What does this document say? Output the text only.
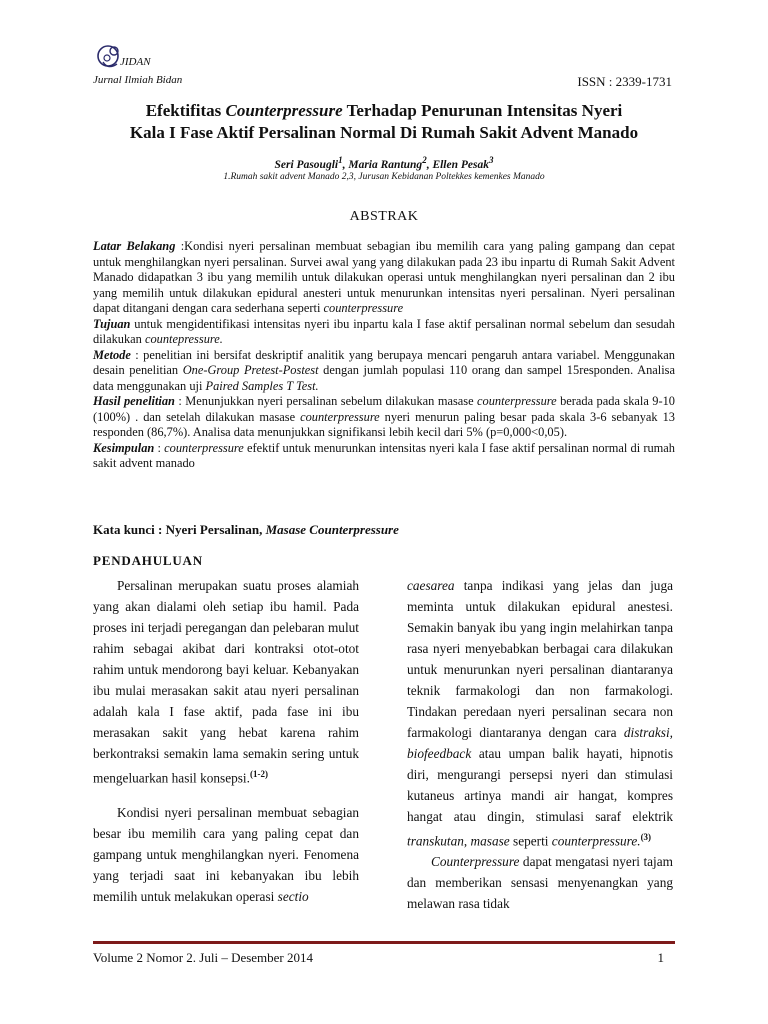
JIDAN
Jurnal Ilmiah Bidan	ISSN : 2339-1731
Efektifitas Counterpressure Terhadap Penurunan Intensitas Nyeri
Kala I Fase Aktif Persalinan Normal Di Rumah Sakit Advent Manado
Seri Pasougli$^1$, Maria Rantung$^2$, Ellen Pesak$^3$
1.Rumah sakit advent Manado 2,3, Jurusan Kebidanan Poltekkes kemenkes Manado
ABSTRAK

Latar Belakang :Kondisi nyeri persalinan membuat sebagian ibu memilih cara yang paling gampang dan cepat untuk menghilangkan nyeri persalinan. Survei awal yang yang dilakukan pada 23 ibu inpartu di Rumah Sakit Advent Manado didapatkan 3 ibu yang memilih untuk dilakukan operasi untuk menghilangkan nyeri persalinan dan 2 ibu yang memilih untuk dilakukan epidural anesteri untuk menurunkan intensitas nyeri persalinan. Nyeri persalinan dapat ditangani dengan cara sederhana seperti counterpressure

Tujuan untuk mengidentifikasi intensitas nyeri ibu inpartu kala I fase aktif persalinan normal sebelum dan sesudah dilakukan countepressure.

Metode : penelitian ini bersifat deskriptif analitik yang berupaya mencari pengaruh antara variabel. Menggunakan desain penelitian One-Group Pretest-Postest dengan jumlah populasi 110 orang dan sampel 15responden. Analisa data menggunakan uji Paired Samples T Test.

Hasil penelitian : Menunjukkan nyeri persalinan sebelum dilakukan masase counterpressure berada pada skala 9-10 (100%) . dan setelah dilakukan masase counterpressure nyeri menurun paling besar pada skala 3-6 sebanyak 13 responden (86,7%). Analisa data menunjukkan signifikansi lebih kecil dari 5% (p=0,000<0,05).

Kesimpulan : counterpressure efektif untuk menurunkan intensitas nyeri kala I fase aktif persalinan normal di rumah sakit advent manado

Kata kunci : Nyeri Persalinan, Masase Counterpressure
PENDAHULUAN

Persalinan merupakan suatu proses alamiah yang akan dialami oleh setiap ibu hamil. Pada proses ini terjadi peregangan dan pelebaran mulut rahim sebagai akibat dari kontraksi otot-otot rahim untuk mendorong bayi keluar. Kebanyakan ibu mulai merasakan sakit atau nyeri persalinan adalah kala I fase aktif, pada fase ini ibu merasakan sakit yang hebat karena rahim berkontraksi semakin lama semakin sering untuk mengeluarkan hasil konsepsi.$^{(1-2)}$

Kondisi nyeri persalinan membuat sebagian besar ibu memilih cara yang paling cepat dan gampang untuk menghilangkan nyeri. Fenomena yang terjadi saat ini kebanyakan ibu lebih memilih untuk melakukan operasi sectio

caesarea tanpa indikasi yang jelas dan juga meminta untuk dilakukan epidural anestesi. Semakin banyak ibu yang ingin melahirkan tanpa rasa nyeri menyebabkan berbagai cara dilakukan untuk menurunkan nyeri persalinan diantaranya teknik farmakologi dan non farmakologi. Tindakan peredaan nyeri persalinan secara non farmakologi diantaranya dengan cara distraksi, biofeedback atau umpan balik hayati, hipnotis diri, mengurangi persepsi nyeri dan stimulasi kutaneus artinya mandi air hangat, kompres hangat atau dingin, stimulasi saraf elektrik transkutan, masase seperti counterpressure.$^{(3)}$

Counterpressure dapat mengatasi nyeri tajam dan memberikan sensasi menyenangkan yang melawan rasa tidak

Volume 2 Nomor 2. Juli – Desember 2014	1
